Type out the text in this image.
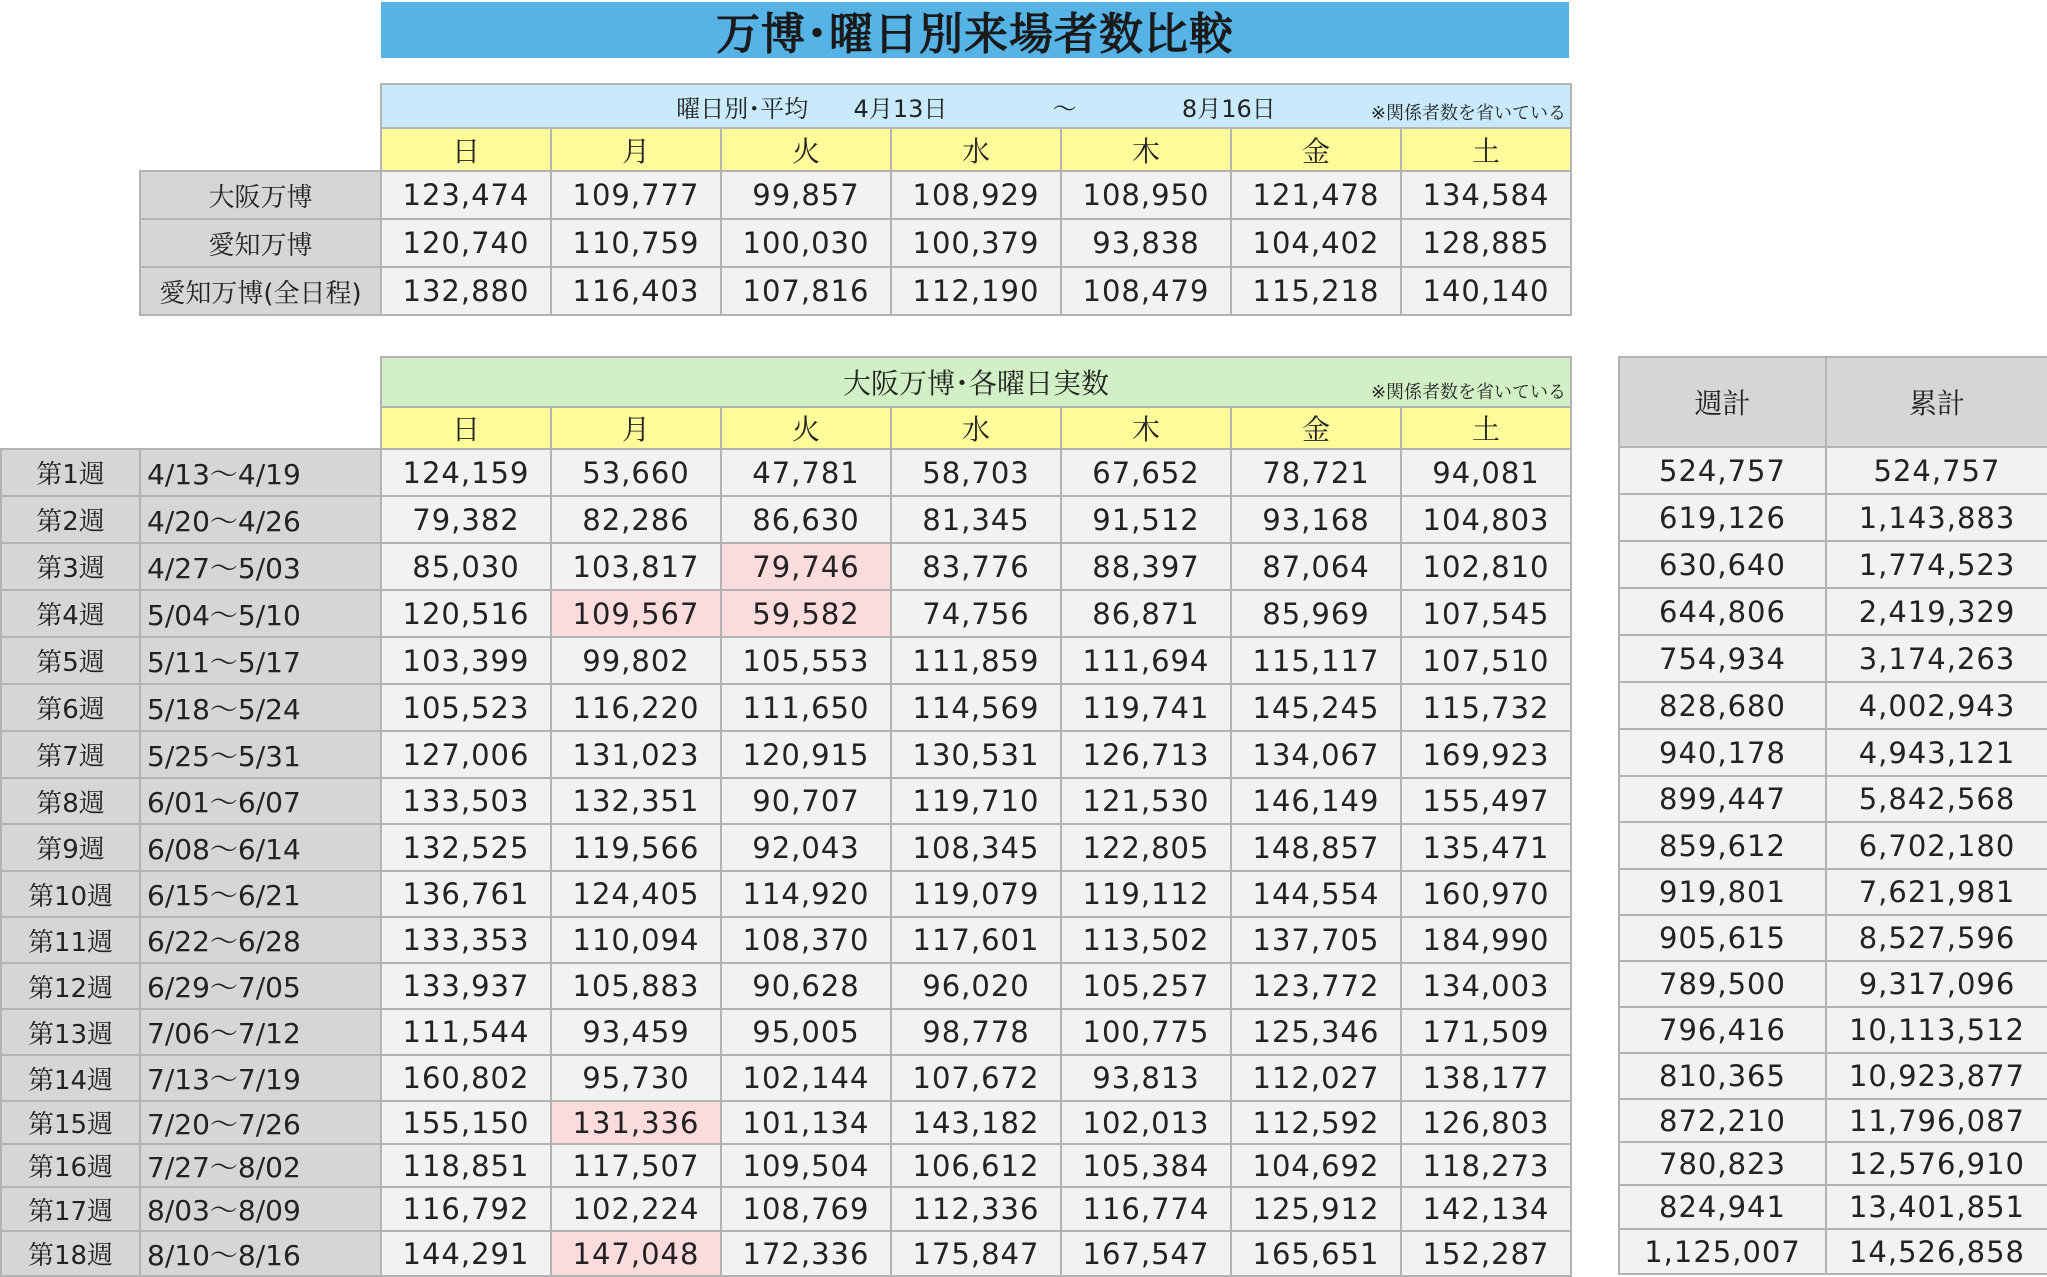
万博･曜日別来場者数比較
	曜日別･平均 4月13日 ～ 8月16日 ※関係者数を省いている						

	日	月	火	水	木	金	土
大阪万博	123,474	109,777	99,857	108,929	108,950	121,478	134,584
愛知万博	120,740	110,759	100,030	100,379	93,838	104,402	128,885
愛知万博(全日程)	132,880	116,403	107,816	112,190	108,479	115,218	140,140
		大阪万博･各曜日実数 ※関係者数を省いている						

		日	月	火	水	木	金	土
第1週	4/13～4/19	124,159	53,660	47,781	58,703	67,652	78,721	94,081
第2週	4/20～4/26	79,382	82,286	86,630	81,345	91,512	93,168	104,803
第3週	4/27～5/03	85,030	103,817	79,746	83,776	88,397	87,064	102,810
第4週	5/04～5/10	120,516	109,567	59,582	74,756	86,871	85,969	107,545
第5週	5/11～5/17	103,399	99,802	105,553	111,859	111,694	115,117	107,510
第6週	5/18～5/24	105,523	116,220	111,650	114,569	119,741	145,245	115,732
第7週	5/25～5/31	127,006	131,023	120,915	130,531	126,713	134,067	169,923
第8週	6/01～6/07	133,503	132,351	90,707	119,710	121,530	146,149	155,497
第9週	6/08～6/14	132,525	119,566	92,043	108,345	122,805	148,857	135,471
第10週	6/15～6/21	136,761	124,405	114,920	119,079	119,112	144,554	160,970
第11週	6/22～6/28	133,353	110,094	108,370	117,601	113,502	137,705	184,990
第12週	6/29～7/05	133,937	105,883	90,628	96,020	105,257	123,772	134,003
第13週	7/06～7/12	111,544	93,459	95,005	98,778	100,775	125,346	171,509
第14週	7/13～7/19	160,802	95,730	102,144	107,672	93,813	112,027	138,177
第15週	7/20～7/26	155,150	131,336	101,134	143,182	102,013	112,592	126,803
第16週	7/27～8/02	118,851	117,507	109,504	106,612	105,384	104,692	118,273
第17週	8/03～8/09	116,792	102,224	108,769	112,336	116,774	125,912	142,134
第18週	8/10～8/16	144,291	147,048	172,336	175,847	167,547	165,651	152,287
週計	累計
524,757	524,757
619,126	1,143,883
630,640	1,774,523
644,806	2,419,329
754,934	3,174,263
828,680	4,002,943
940,178	4,943,121
899,447	5,842,568
859,612	6,702,180
919,801	7,621,981
905,615	8,527,596
789,500	9,317,096
796,416	10,113,512
810,365	10,923,877
872,210	11,796,087
780,823	12,576,910
824,941	13,401,851
1,125,007	14,526,858
